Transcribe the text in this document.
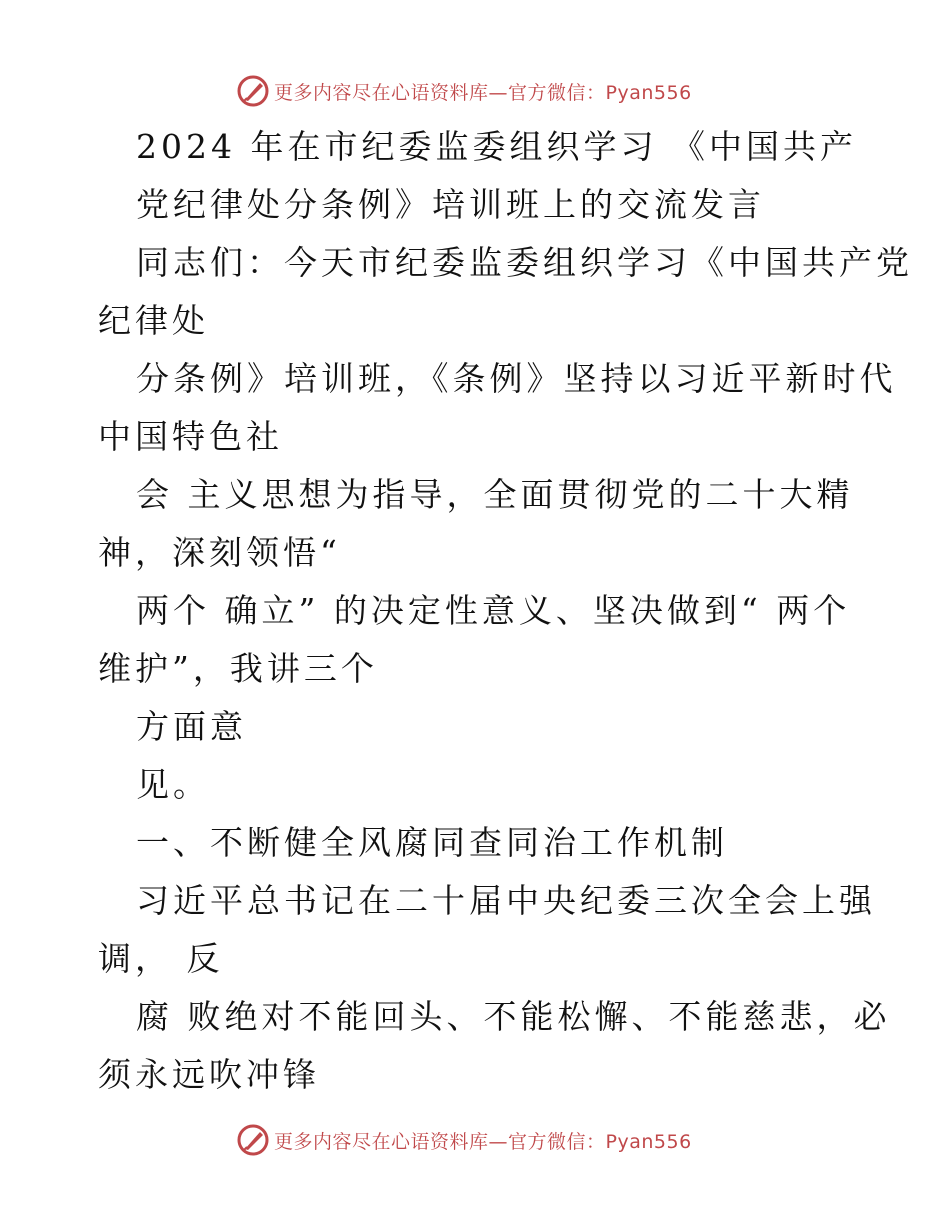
更多内容尽在心语资料库—官方微信：Pyan556
2024 年在市纪委监委组织学习 《中国共产
党纪律处分条例》培训班上的交流发言
同志们：今天市纪委监委组织学习《中国共产党
纪律处
分条例》培训班，《条例》坚持以习近平新时代
中国特色社
会 主义思想为指导，全面贯彻党的二十大精
神，深刻领悟“
两个 确立” 的决定性意义、坚决做到“ 两个
维护”，我讲三个
方面意
见。
一、不断健全风腐同查同治工作机制
习近平总书记在二十届中央纪委三次全会上强
调， 反
腐 败绝对不能回头、不能松懈、不能慈悲，必
须永远吹冲锋
更多内容尽在心语资料库—官方微信：Pyan556
